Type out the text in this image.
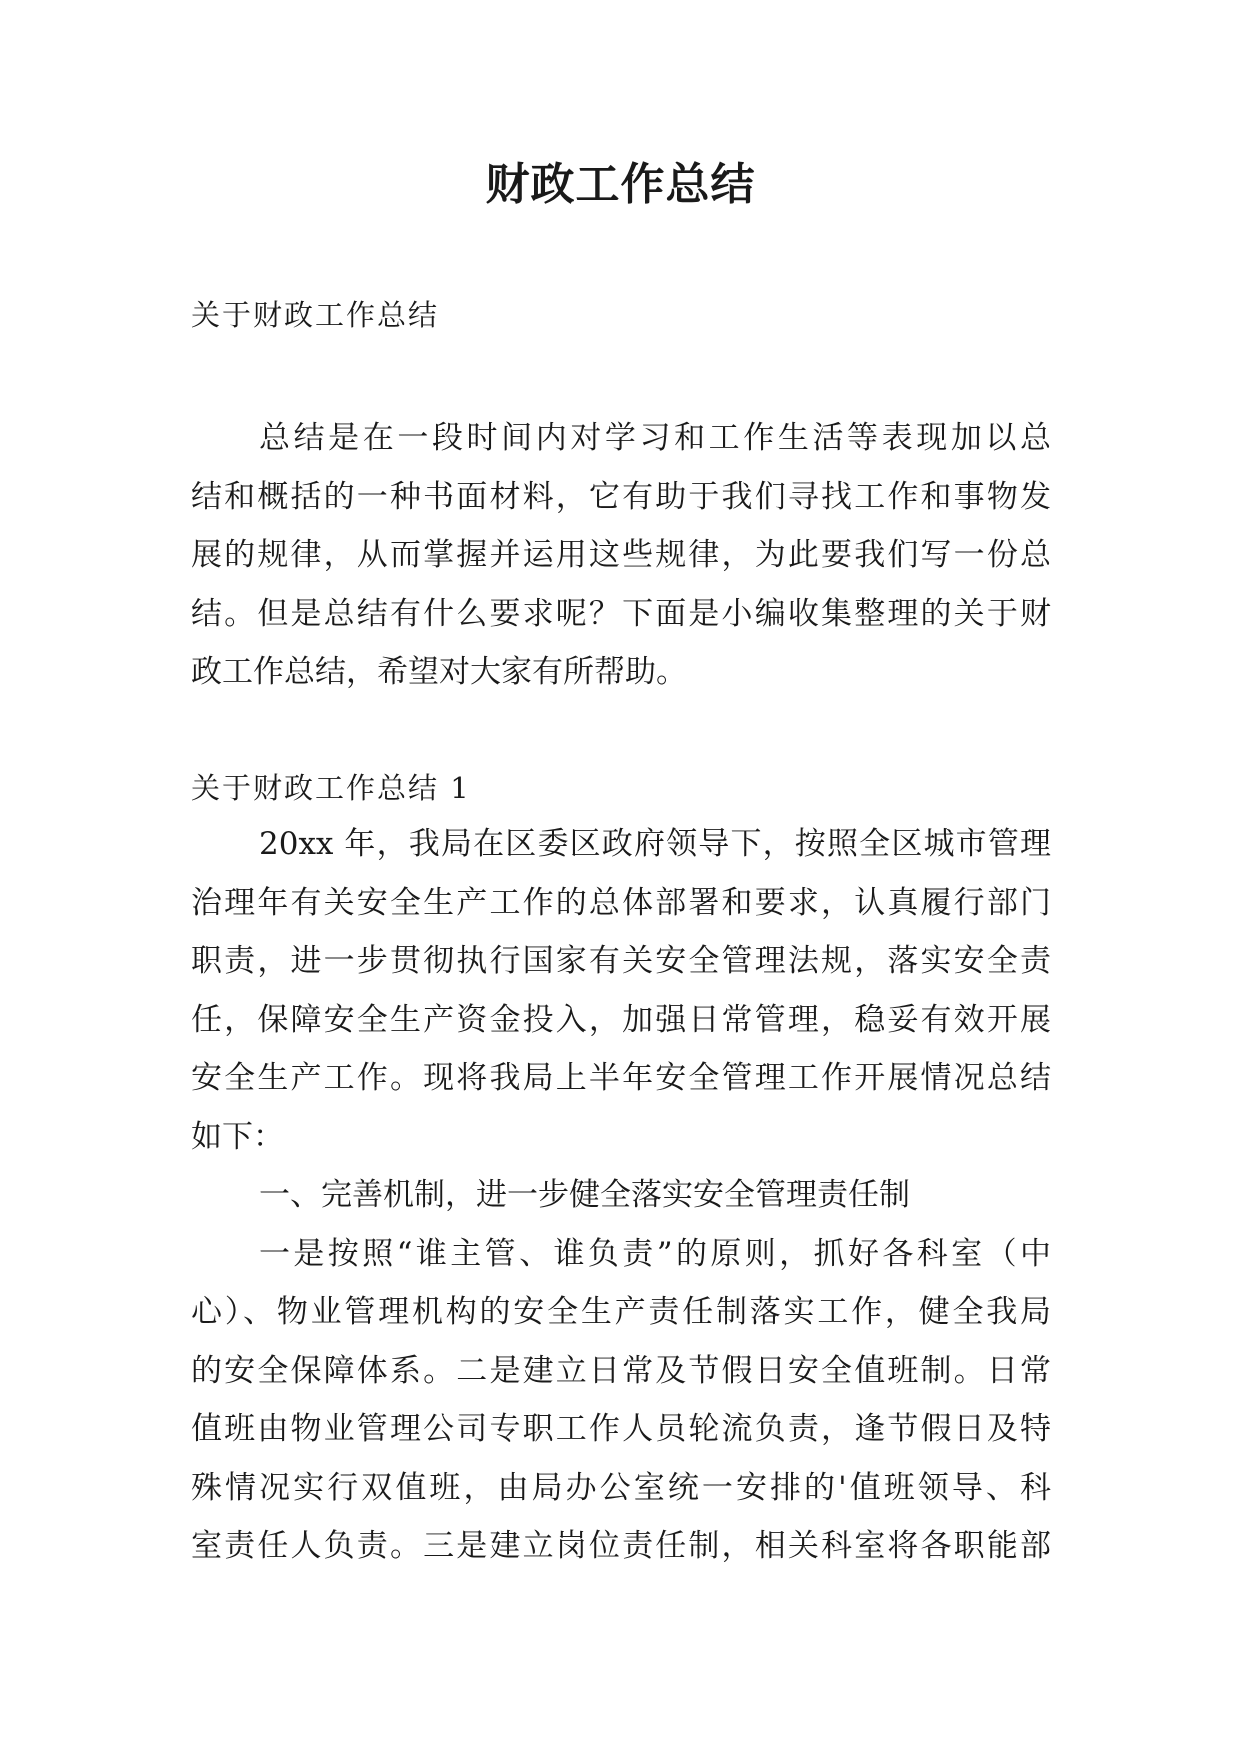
财政工作总结

关于财政工作总结

总结是在一段时间内对学习和工作生活等表现加以总
结和概括的一种书面材料，它有助于我们寻找工作和事物发
展的规律，从而掌握并运用这些规律，为此要我们写一份总
结。但是总结有什么要求呢？下面是小编收集整理的关于财
政工作总结，希望对大家有所帮助。

关于财政工作总结 1

20xx 年，我局在区委区政府领导下，按照全区城市管理
治理年有关安全生产工作的总体部署和要求，认真履行部门
职责，进一步贯彻执行国家有关安全管理法规，落实安全责
任，保障安全生产资金投入，加强日常管理，稳妥有效开展
安全生产工作。现将我局上半年安全管理工作开展情况总结
如下：
一、完善机制，进一步健全落实安全管理责任制
一是按照“谁主管、谁负责”的原则，抓好各科室（中
心）、物业管理机构的安全生产责任制落实工作，健全我局
的安全保障体系。二是建立日常及节假日安全值班制。日常
值班由物业管理公司专职工作人员轮流负责，逢节假日及特
殊情况实行双值班，由局办公室统一安排的'值班领导、科
室责任人负责。三是建立岗位责任制，相关科室将各职能部
